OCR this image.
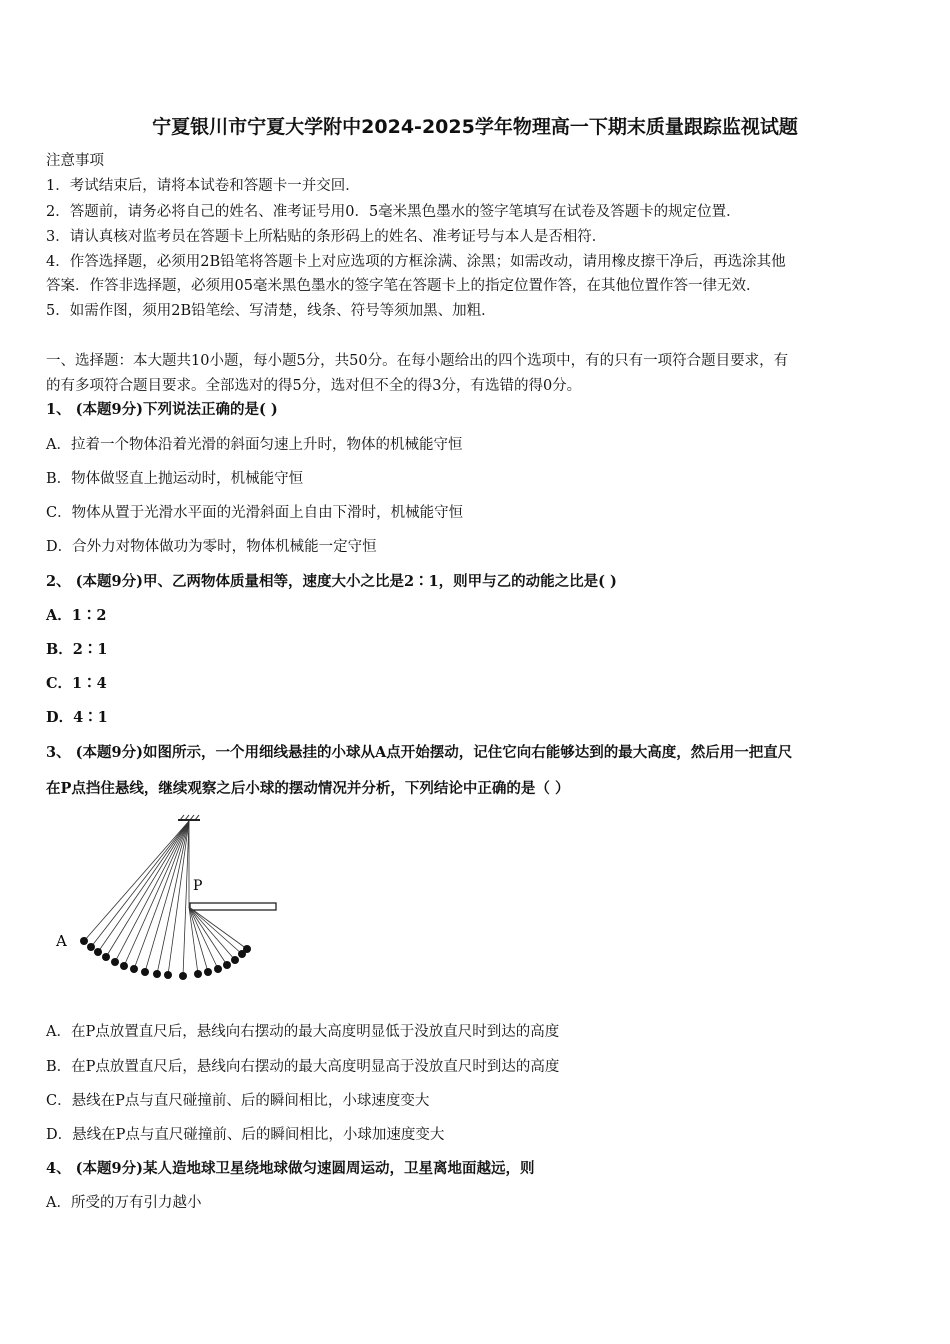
宁夏银川市宁夏大学附中2024-2025学年物理高一下期末质量跟踪监视试题
注意事项
1．考试结束后，请将本试卷和答题卡一并交回．
2．答题前，请务必将自己的姓名、准考证号用0．5毫米黑色墨水的签字笔填写在试卷及答题卡的规定位置．
3．请认真核对监考员在答题卡上所粘贴的条形码上的姓名、准考证号与本人是否相符．
4．作答选择题，必须用2B铅笔将答题卡上对应选项的方框涂满、涂黑；如需改动，请用橡皮擦干净后，再选涂其他
答案．作答非选择题，必须用05毫米黑色墨水的签字笔在答题卡上的指定位置作答，在其他位置作答一律无效．
5．如需作图，须用2B铅笔绘、写清楚，线条、符号等须加黑、加粗．
一、选择题：本大题共10小题，每小题5分，共50分。在每小题给出的四个选项中，有的只有一项符合题目要求，有
的有多项符合题目要求。全部选对的得5分，选对但不全的得3分，有选错的得0分。
1、 (本题9分)下列说法正确的是( )
A．拉着一个物体沿着光滑的斜面匀速上升时，物体的机械能守恒
B．物体做竖直上抛运动时，机械能守恒
C．物体从置于光滑水平面的光滑斜面上自由下滑时，机械能守恒
D．合外力对物体做功为零时，物体机械能一定守恒
2、 (本题9分)甲、乙两物体质量相等，速度大小之比是2∶1，则甲与乙的动能之比是( )
A．1∶2
B．2∶1
C．1∶4
D．4∶1
3、 (本题9分)如图所示，一个用细线悬挂的小球从A点开始摆动，记住它向右能够达到的最大高度，然后用一把直尺
在P点挡住悬线，继续观察之后小球的摆动情况并分析，下列结论中正确的是（ ）
P
A
A．在P点放置直尺后，悬线向右摆动的最大高度明显低于没放直尺时到达的高度
B．在P点放置直尺后，悬线向右摆动的最大高度明显高于没放直尺时到达的高度
C．悬线在P点与直尺碰撞前、后的瞬间相比，小球速度变大
D．悬线在P点与直尺碰撞前、后的瞬间相比，小球加速度变大
4、 (本题9分)某人造地球卫星绕地球做匀速圆周运动，卫星离地面越远，则
A．所受的万有引力越小
